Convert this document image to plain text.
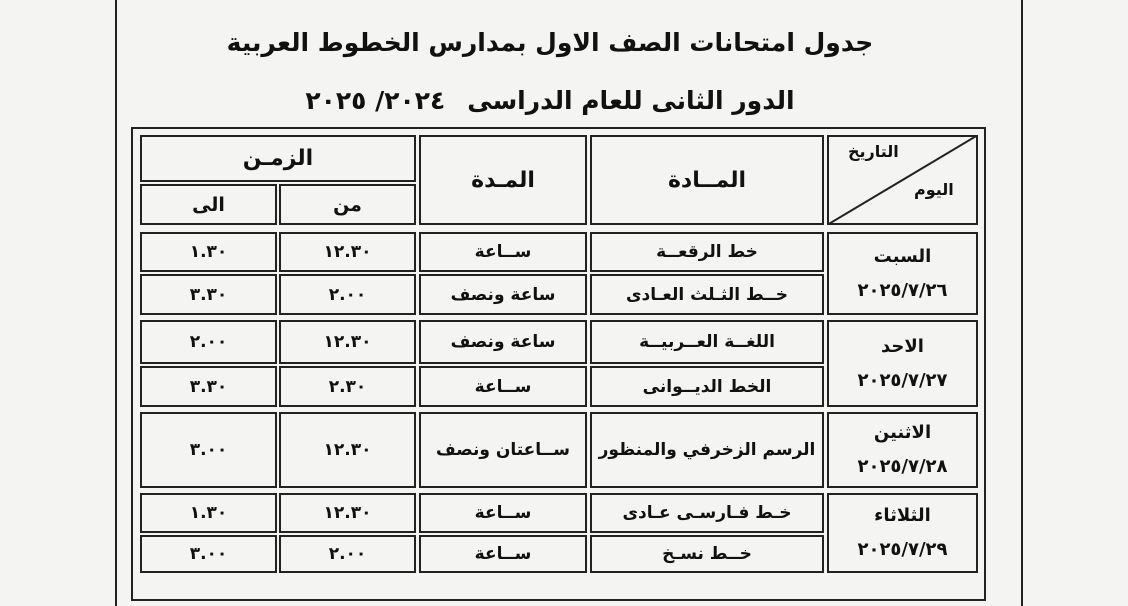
جدول امتحانات الصف الاول بمدارس الخطوط العربية
الدور الثانى للعام الدراسى٢٠٢٤/ ٢٠٢٥
التاريخ
اليوم
المــادة
المـدة
الزمـن
من
الى
السبت
٢٠٢٥/٧/٢٦
خط الرقعــة
ســاعة
١٢.٣٠
١.٣٠
خــط الثـلث العـادى
ساعة ونصف
٢.٠٠
٣.٣٠
الاحد
٢٠٢٥/٧/٢٧
اللغــة العــربيــة
ساعة ونصف
١٢.٣٠
٢.٠٠
الخط الديــوانى
ســاعة
٢.٣٠
٣.٣٠
الاثنين
٢٠٢٥/٧/٢٨
الرسم الزخرفي والمنظور
ســاعتان ونصف
١٢.٣٠
٣.٠٠
الثلاثاء
٢٠٢٥/٧/٢٩
خـط فـارسـى عـادى
ســاعة
١٢.٣٠
١.٣٠
خــط نسـخ
ســاعة
٢.٠٠
٣.٠٠
